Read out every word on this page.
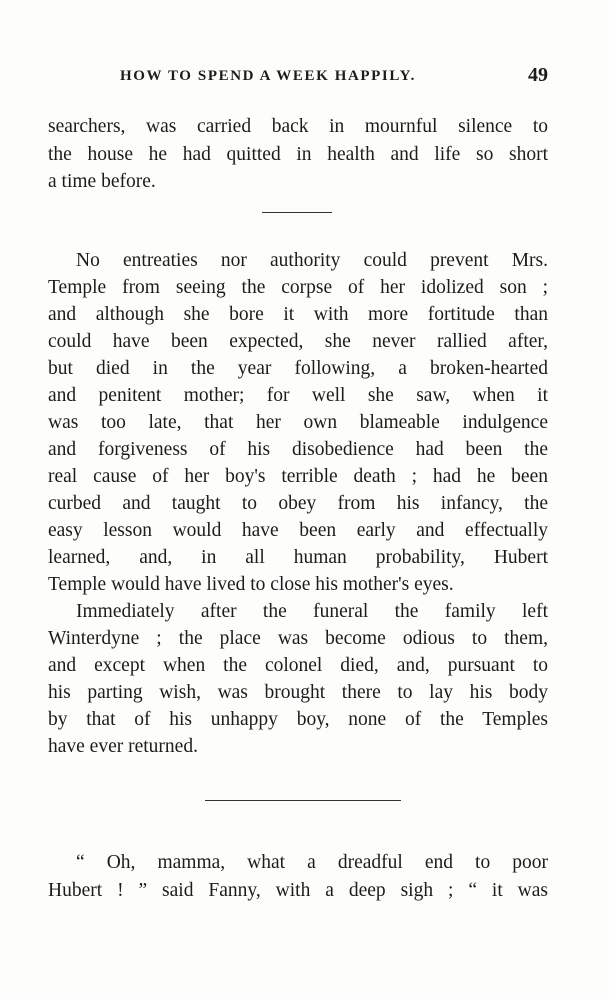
HOW TO SPEND A WEEK HAPPILY.	49
searchers, was carried back in mournful silence to
the house he had quitted in health and life so short
a time before.
No entreaties nor authority could prevent Mrs.
Temple from seeing the corpse of her idolized son ;
and although she bore it with more fortitude than
could have been expected, she never rallied after,
but died in the year following, a broken-hearted
and penitent mother; for well she saw, when it
was too late, that her own blameable indulgence
and forgiveness of his disobedience had been the
real cause of her boy's terrible death ; had he been
curbed and taught to obey from his infancy, the
easy lesson would have been early and effectually
learned, and, in all human probability, Hubert
Temple would have lived to close his mother's eyes.
Immediately after the funeral the family left
Winterdyne ; the place was become odious to them,
and except when the colonel died, and, pursuant to
his parting wish, was brought there to lay his body
by that of his unhappy boy, none of the Temples
have ever returned.
“ Oh, mamma, what a dreadful end to poor
Hubert ! ” said Fanny, with a deep sigh ; “ it was
